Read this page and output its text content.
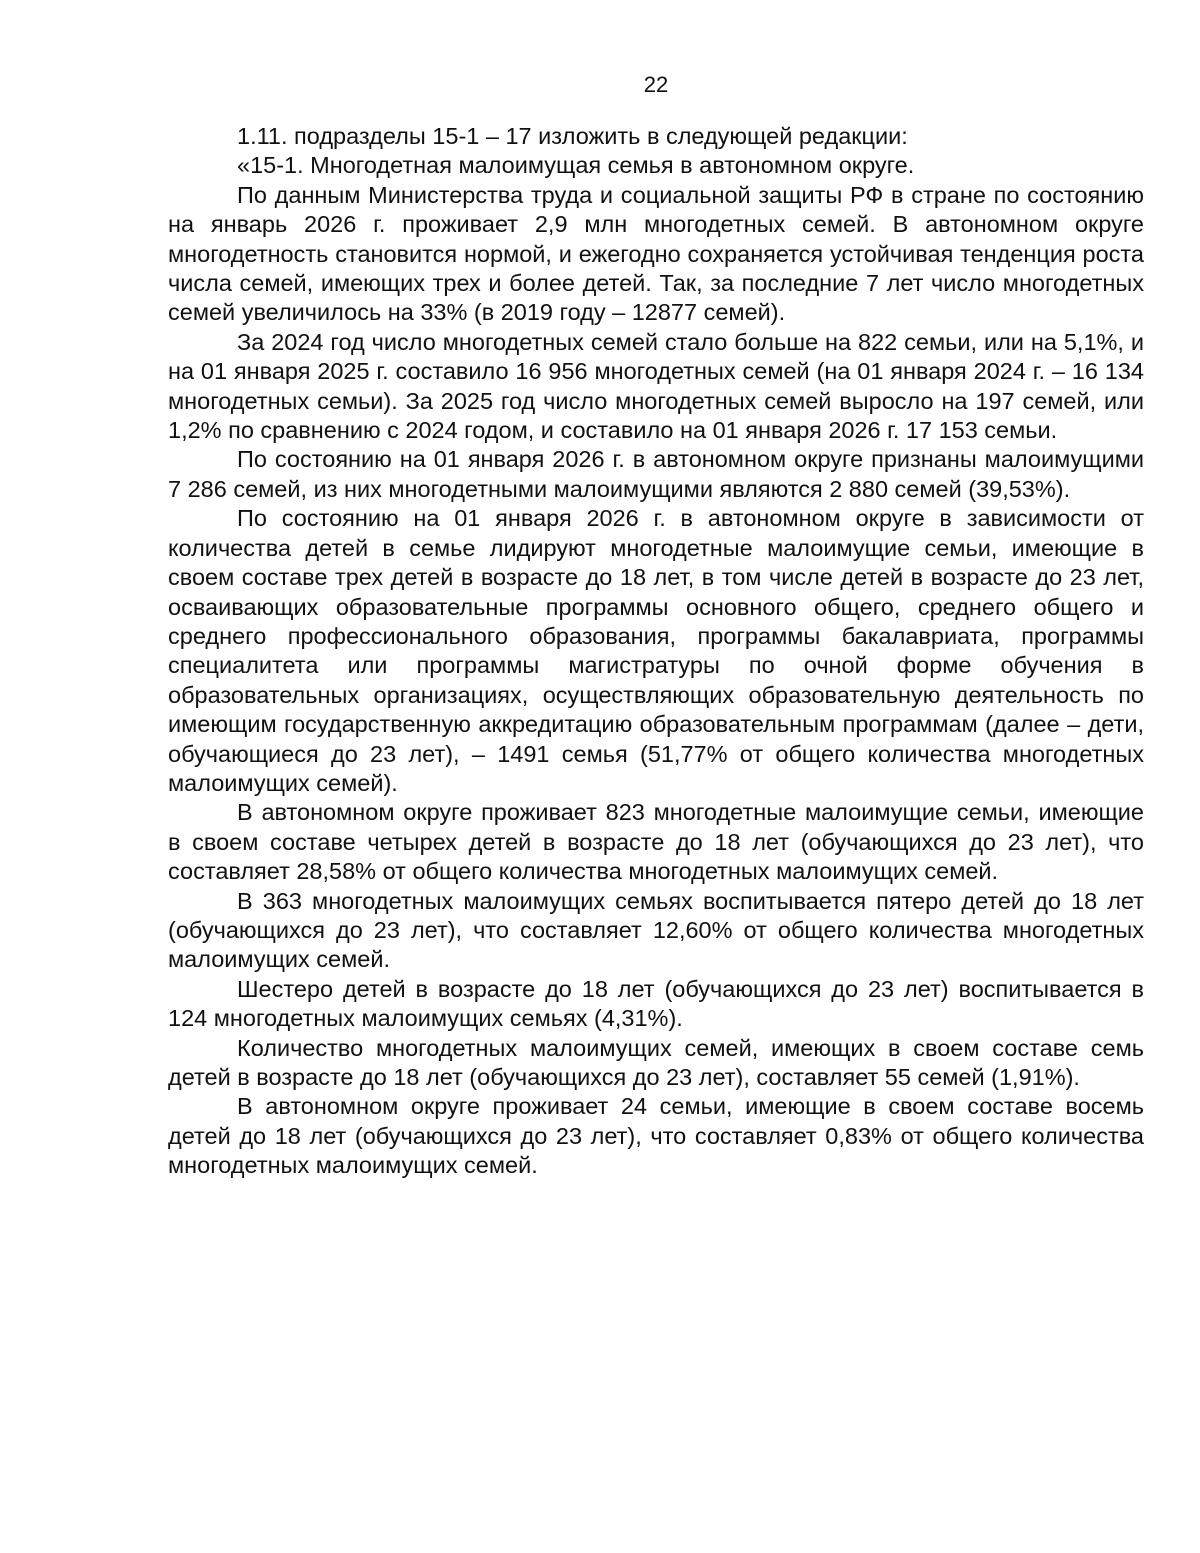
22

1.11. подразделы 15-1 – 17 изложить в следующей редакции:

«15-1. Многодетная малоимущая семья в автономном округе.

По данным Министерства труда и социальной защиты РФ в стране по состоянию на январь 2026 г. проживает 2,9 млн многодетных семей. В автономном округе многодетность становится нормой, и ежегодно сохраняется устойчивая тенденция роста числа семей, имеющих трех и более детей. Так, за последние 7 лет число многодетных семей увеличилось на 33% (в 2019 году – 12877 семей).

За 2024 год число многодетных семей стало больше на 822 семьи, или на 5,1%, и на 01 января 2025 г. составило 16 956 многодетных семей (на 01 января 2024 г. – 16 134 многодетных семьи). За 2025 год число многодетных семей выросло на 197 семей, или 1,2% по сравнению с 2024 годом, и составило на 01 января 2026 г. 17 153 семьи.

По состоянию на 01 января 2026 г. в автономном округе признаны малоимущими 7 286 семей, из них многодетными малоимущими являются 2 880 семей (39,53%).

По состоянию на 01 января 2026 г. в автономном округе в зависимости от количества детей в семье лидируют многодетные малоимущие семьи, имеющие в своем составе трех детей в возрасте до 18 лет, в том числе детей в возрасте до 23 лет, осваивающих образовательные программы основного общего, среднего общего и среднего профессионального образования, программы бакалавриата, программы специалитета или программы магистратуры по очной форме обучения в образовательных организациях, осуществляющих образовательную деятельность по имеющим государственную аккредитацию образовательным программам (далее – дети, обучающиеся до 23 лет), – 1491 семья (51,77% от общего количества многодетных малоимущих семей).

В автономном округе проживает 823 многодетные малоимущие семьи, имеющие в своем составе четырех детей в возрасте до 18 лет (обучающихся до 23 лет), что составляет 28,58% от общего количества многодетных малоимущих семей.

В 363 многодетных малоимущих семьях воспитывается пятеро детей до 18 лет (обучающихся до 23 лет), что составляет 12,60% от общего количества многодетных малоимущих семей.

Шестеро детей в возрасте до 18 лет (обучающихся до 23 лет) воспитывается в 124 многодетных малоимущих семьях (4,31%).

Количество многодетных малоимущих семей, имеющих в своем составе семь детей в возрасте до 18 лет (обучающихся до 23 лет), составляет 55 семей (1,91%).

В автономном округе проживает 24 семьи, имеющие в своем составе восемь детей до 18 лет (обучающихся до 23 лет), что составляет 0,83% от общего количества многодетных малоимущих семей.
